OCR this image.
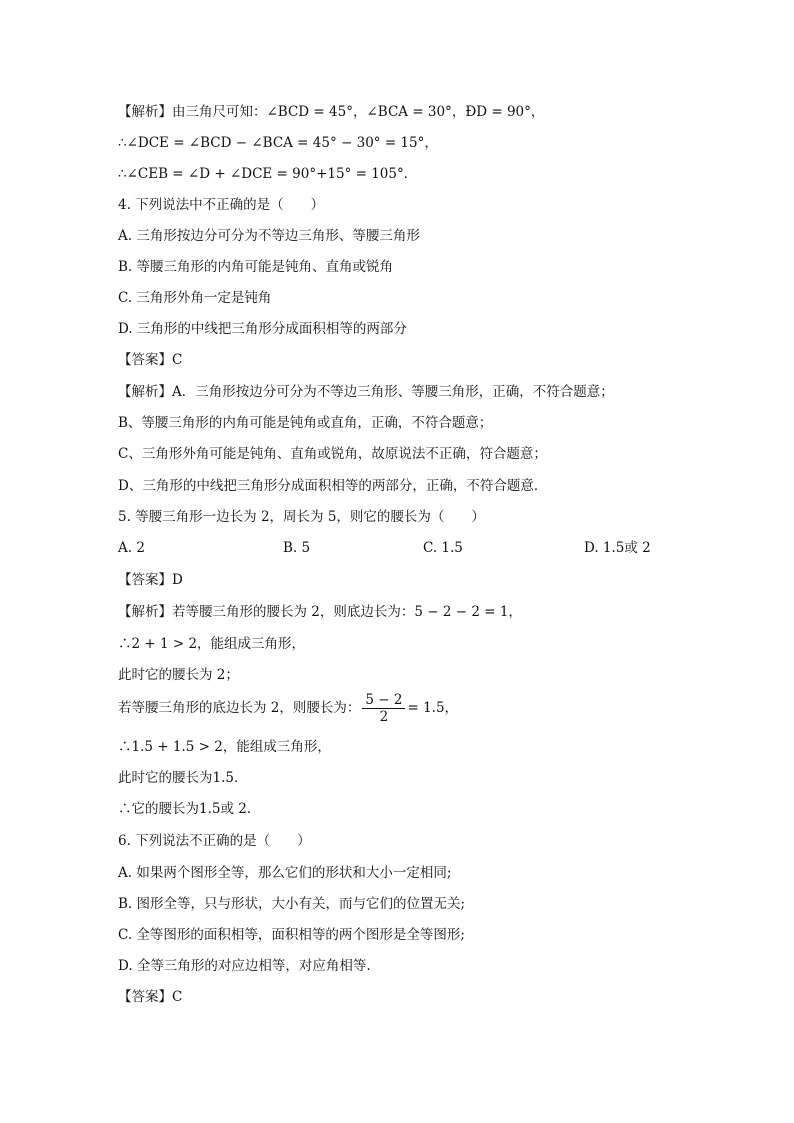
【解析】由三角尺可知：∠BCD = 45°，∠BCA = 30°，ÐD = 90°，
∴∠DCE = ∠BCD − ∠BCA = 45° − 30° = 15°，
∴∠CEB = ∠D + ∠DCE = 90°+15° = 105°．
4. 下列说法中不正确的是（　　）
A. 三角形按边分可分为不等边三角形、等腰三角形
B. 等腰三角形的内角可能是钝角、直角或锐角
C. 三角形外角一定是钝角
D. 三角形的中线把三角形分成面积相等的两部分
【答案】C
【解析】A．三角形按边分可分为不等边三角形、等腰三角形，正确，不符合题意；
B、等腰三角形的内角可能是钝角或直角，正确，不符合题意；
C、三角形外角可能是钝角、直角或锐角，故原说法不正确，符合题意；
D、三角形的中线把三角形分成面积相等的两部分，正确，不符合题意．
5. 等腰三角形一边长为 2，周长为 5，则它的腰长为（　　）
A. 2	B. 5	C. 1.5	D. 1.5或 2
【答案】D
【解析】若等腰三角形的腰长为 2，则底边长为：5 − 2 − 2 = 1，
∴2 + 1 > 2，能组成三角形，
此时它的腰长为 2；
若等腰三角形的底边长为 2，则腰长为： $\frac{5 - 2}{2} = 1.5$，
∴1.5 + 1.5 > 2，能组成三角形，
此时它的腰长为1.5．
∴它的腰长为1.5或 2．
6. 下列说法不正确的是（　　）
A. 如果两个图形全等，那么它们的形状和大小一定相同;
B. 图形全等，只与形状，大小有关，而与它们的位置无关;
C. 全等图形的面积相等，面积相等的两个图形是全等图形;
D. 全等三角形的对应边相等，对应角相等.
【答案】C
